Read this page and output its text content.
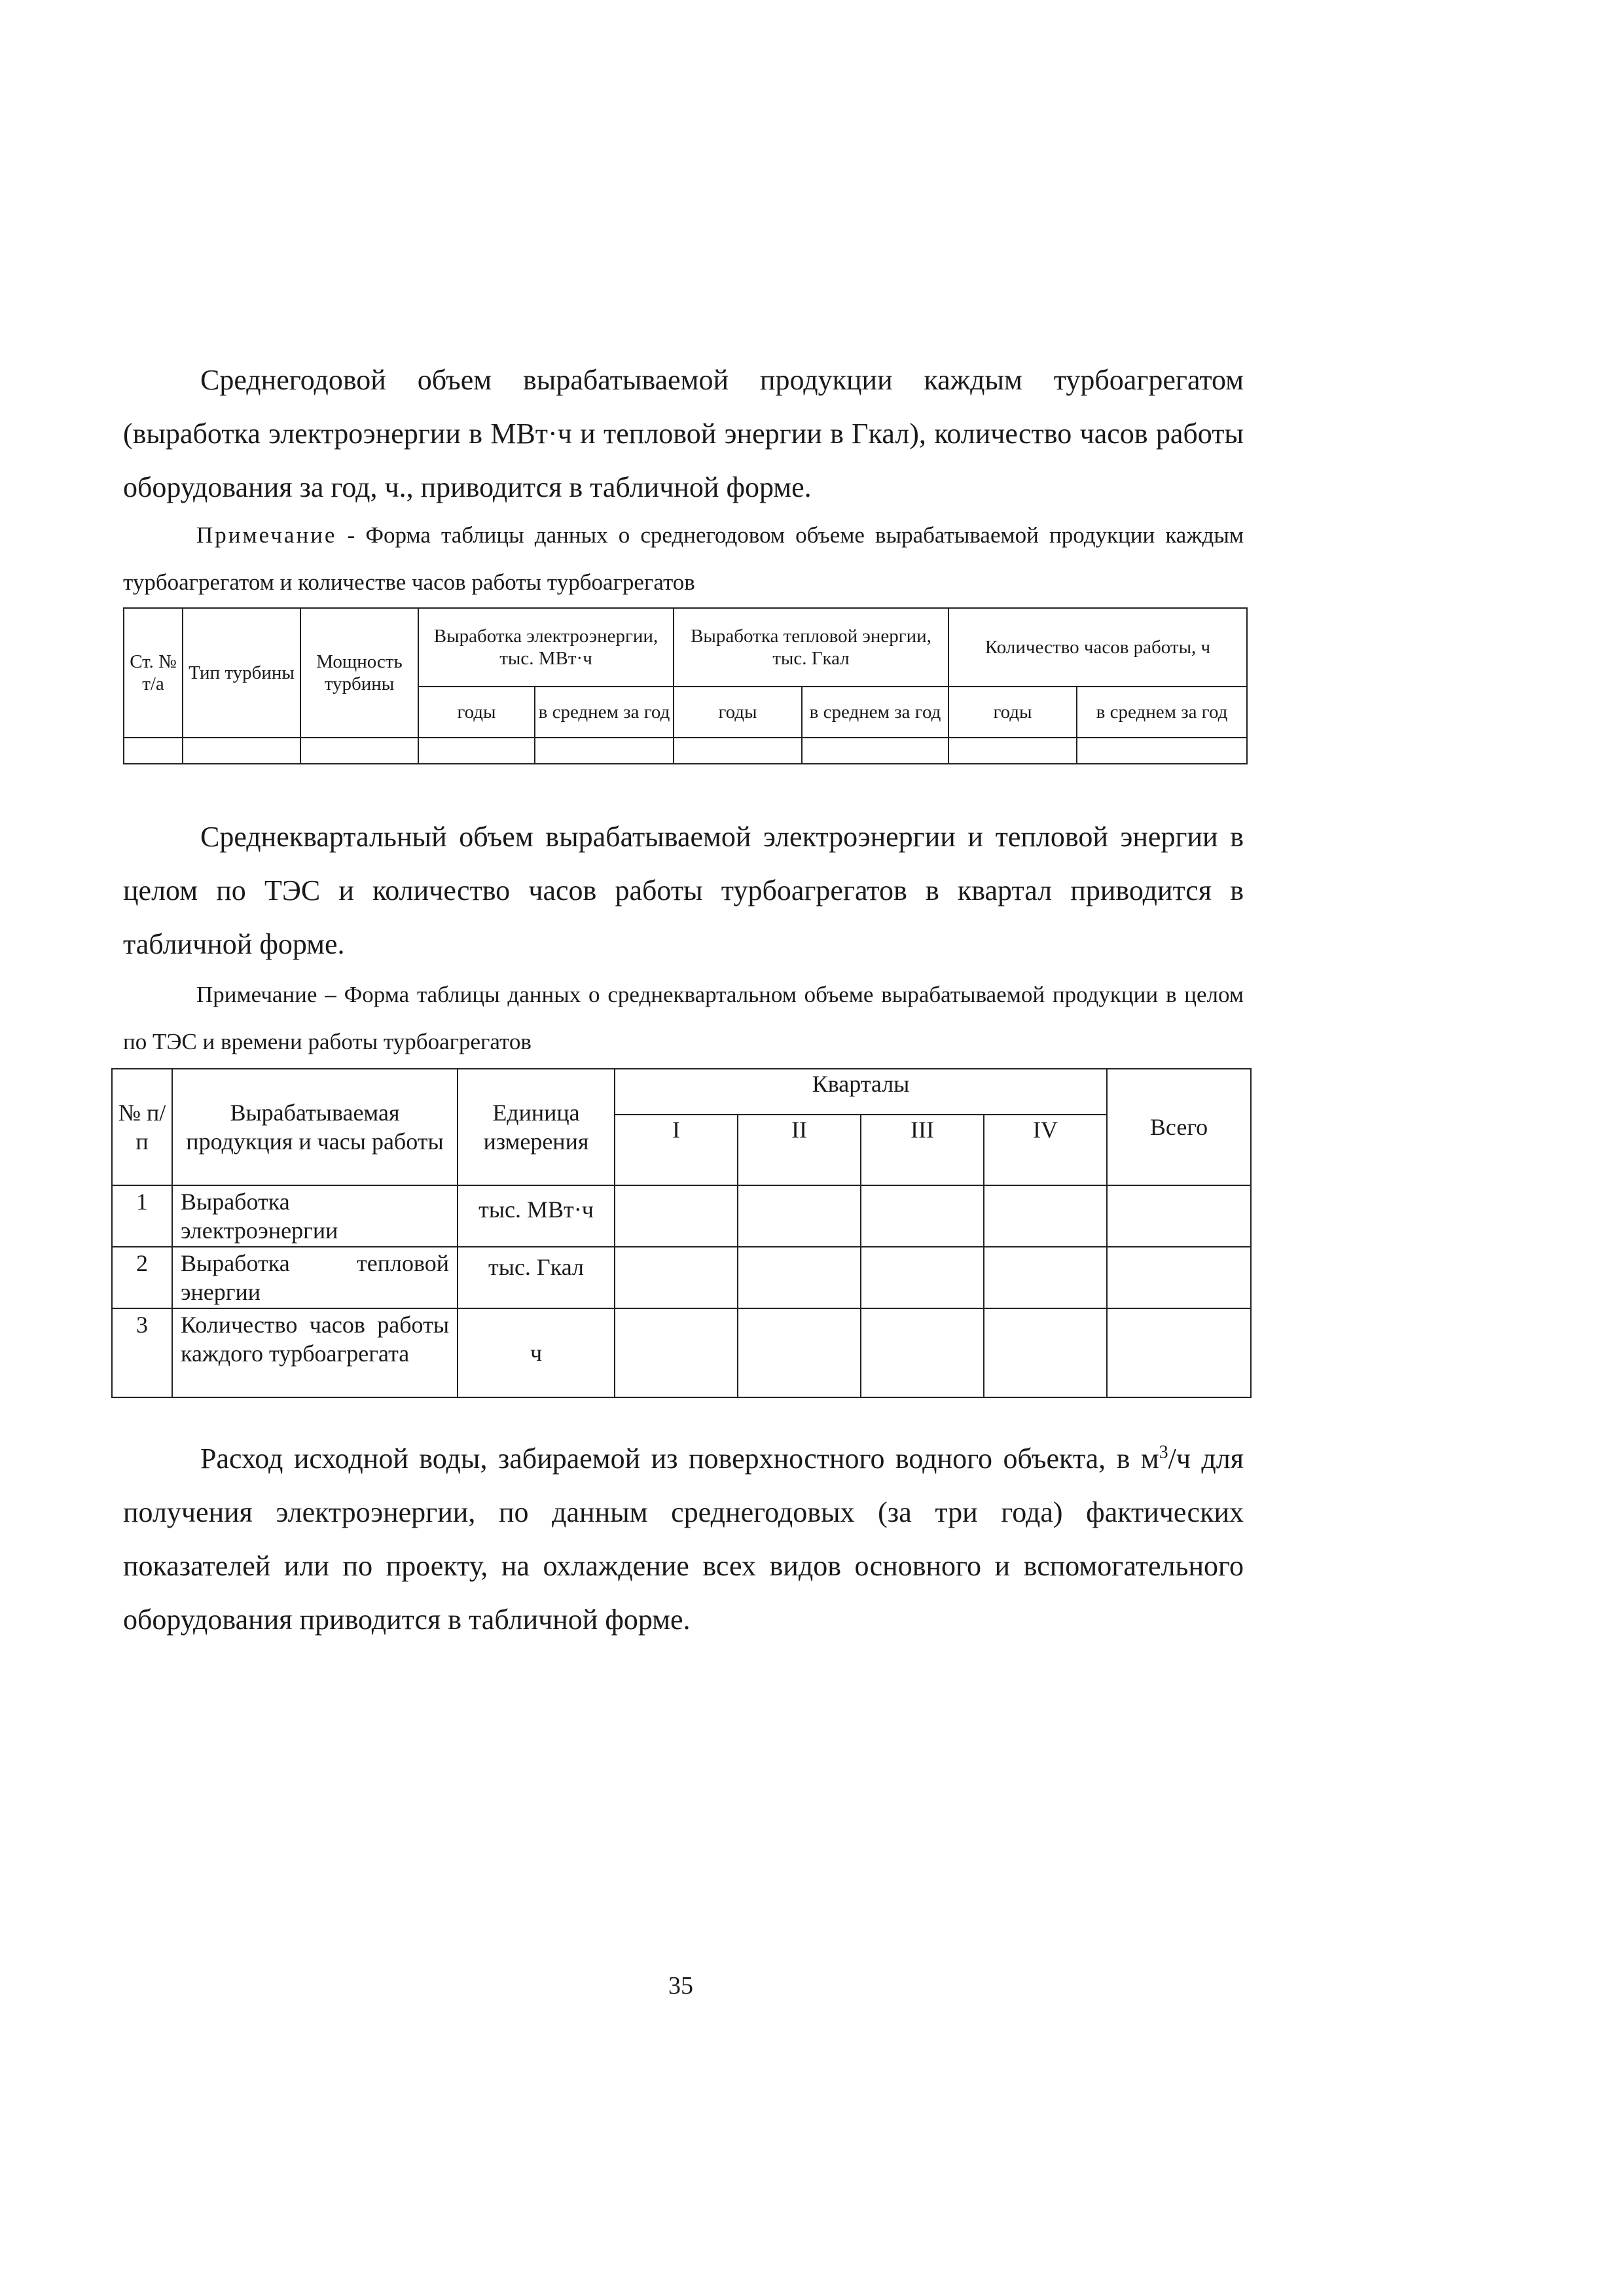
Среднегодовой объем вырабатываемой продукции каждым турбоагрегатом (выработка электроэнергии в МВт·ч и тепловой энергии в Гкал), количество часов работы оборудования за год, ч., приводится в табличной форме.

Примечание - Форма таблицы данных о среднегодовом объеме вырабатываемой продукции каждым турбоагрегатом и количестве часов работы турбоагрегатов

Ст. № т/а	Тип турбины	Мощность турбины	Выработка электроэнергии, тыс. МВт·ч		Выработка тепловой энергии, тыс. Гкал		Количество часов работы, ч	
			годы	в среднем за год	годы	в среднем за год	годы	в среднем за год

Среднеквартальный объем вырабатываемой электроэнергии и тепловой энергии в целом по ТЭС и количество часов работы турбоагрегатов в квартал приводится в табличной форме.

Примечание – Форма таблицы данных о среднеквартальном объеме вырабатываемой продукции в целом по ТЭС и времени работы турбоагрегатов

№ п/п	Вырабатываемая продукция и часы работы	Единица измерения	Кварталы				Всего
			I	II	III	IV	
1	Выработка электроэнергии	тыс. МВт·ч					
2	Выработка тепловой энергии	тыс. Гкал					
3	Количество часов работы каждого турбоагрегата	ч					

Расход исходной воды, забираемой из поверхностного водного объекта, в $м^3/ч$ для получения электроэнергии, по данным среднегодовых (за три года) фактических показателей или по проекту, на охлаждение всех видов основного и вспомогательного оборудования приводится в табличной форме.

35
